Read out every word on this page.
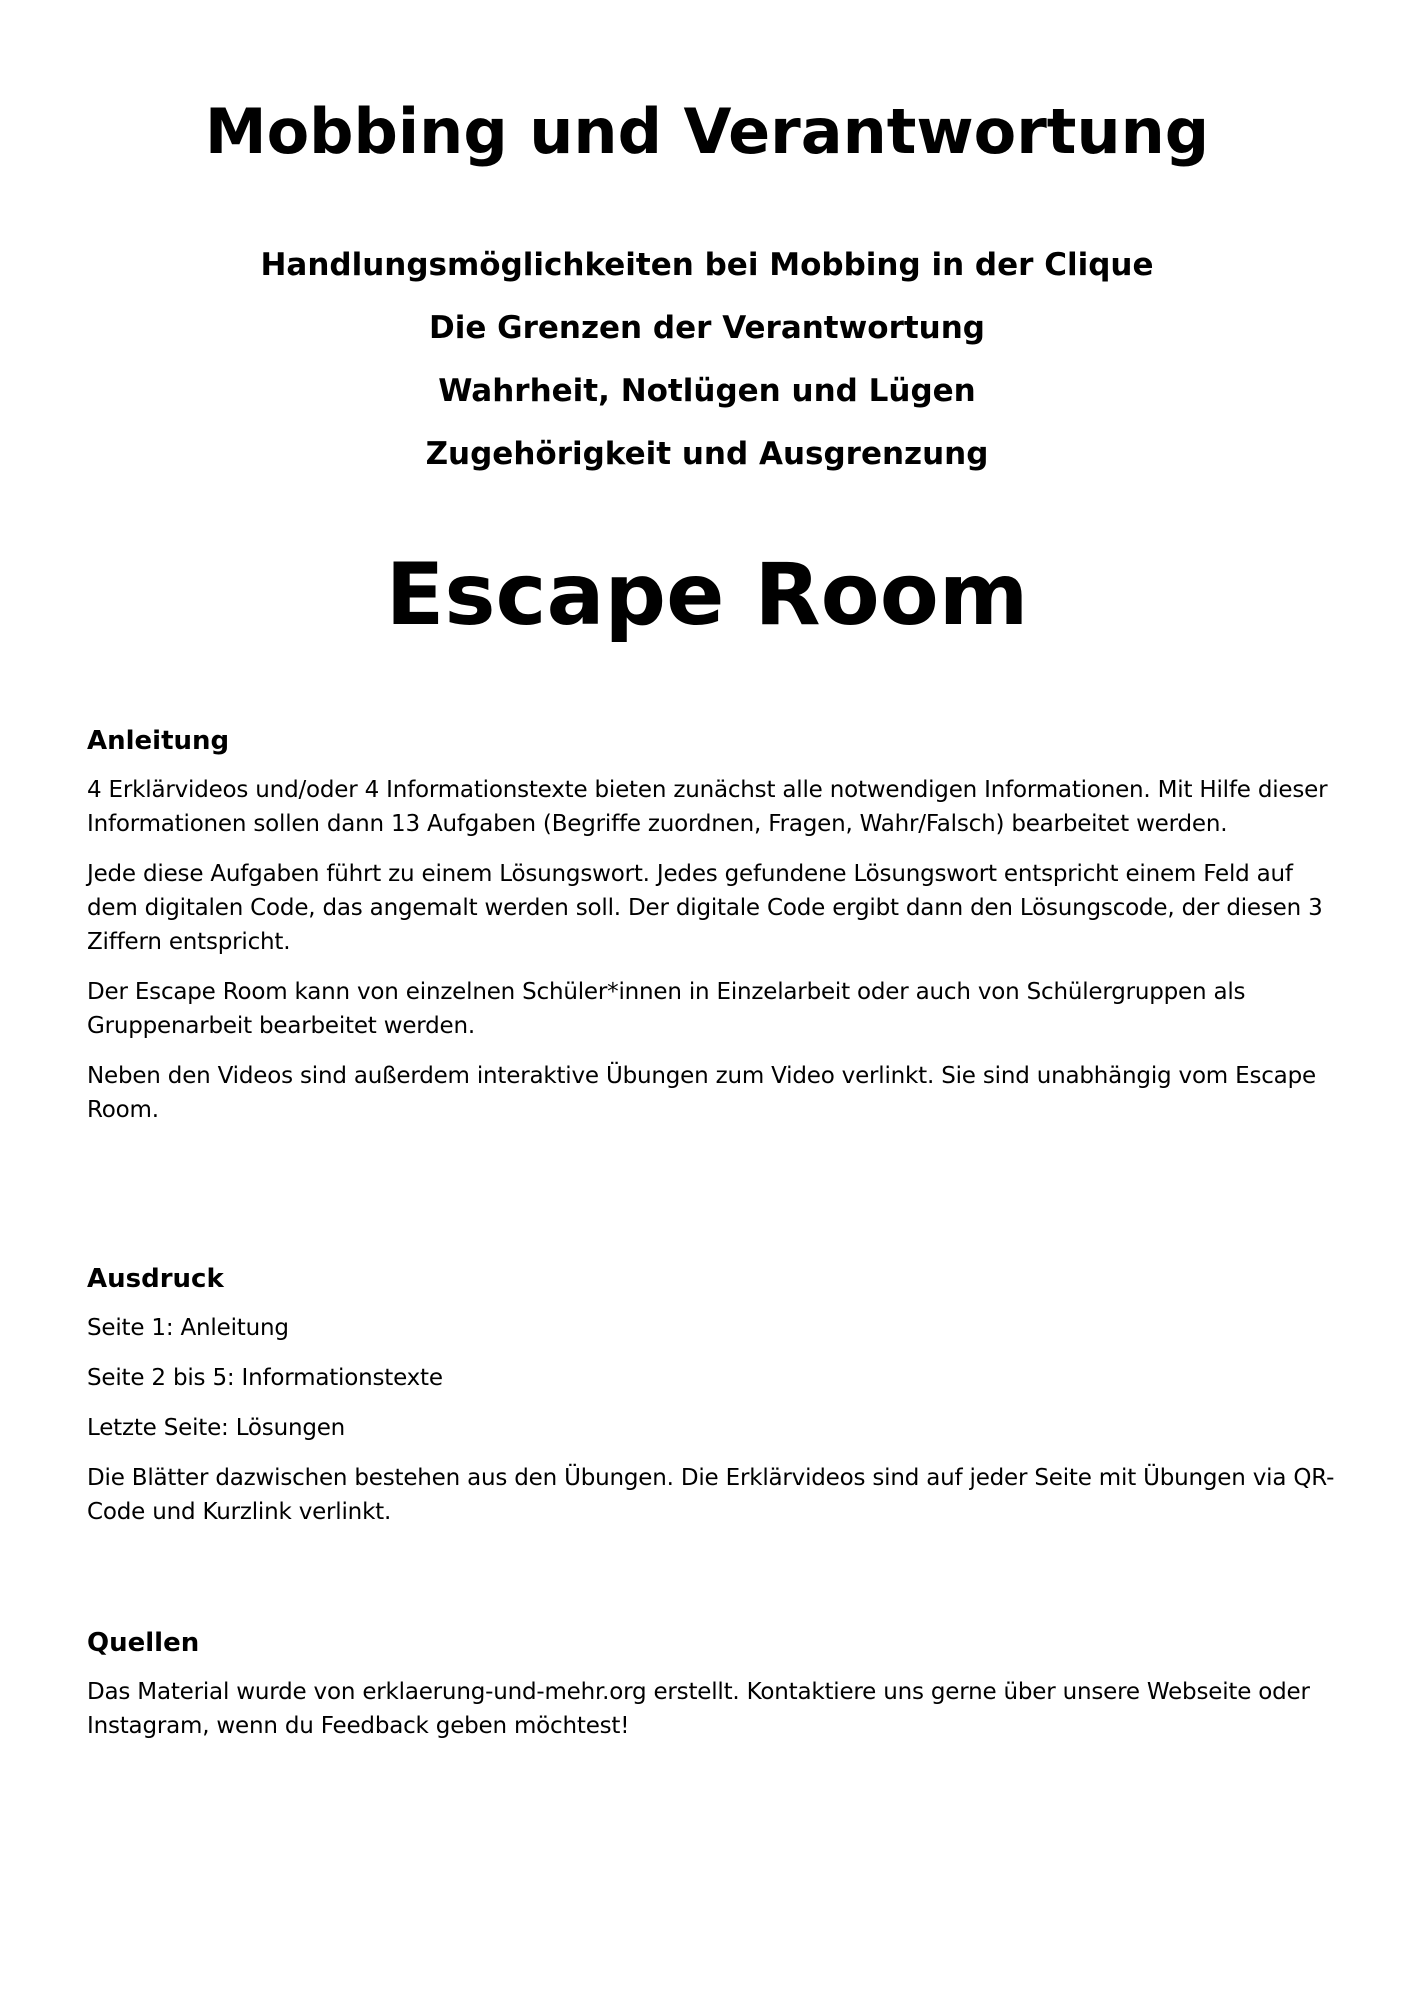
Mobbing und Verantwortung
Handlungsmöglichkeiten bei Mobbing in der Clique
Die Grenzen der Verantwortung
Wahrheit, Notlügen und Lügen
Zugehörigkeit und Ausgrenzung
Escape Room
Anleitung

4 Erklärvideos und/oder 4 Informationstexte bieten zunächst alle notwendigen Informationen. Mit Hilfe dieser Informationen sollen dann 13 Aufgaben (Begriffe zuordnen, Fragen, Wahr/Falsch) bearbeitet werden.

Jede diese Aufgaben führt zu einem Lösungswort. Jedes gefundene Lösungswort entspricht einem Feld auf dem digitalen Code, das angemalt werden soll. Der digitale Code ergibt dann den Lösungscode, der diesen 3 Ziffern entspricht.

Der Escape Room kann von einzelnen Schüler*innen in Einzelarbeit oder auch von Schülergruppen als Gruppenarbeit bearbeitet werden.

Neben den Videos sind außerdem interaktive Übungen zum Video verlinkt. Sie sind unabhängig vom Escape Room.

Ausdruck

Seite 1: Anleitung

Seite 2 bis 5: Informationstexte

Letzte Seite: Lösungen

Die Blätter dazwischen bestehen aus den Übungen. Die Erklärvideos sind auf jeder Seite mit Übungen via QR-Code und Kurzlink verlinkt.

Quellen

Das Material wurde von erklaerung-und-mehr.org erstellt. Kontaktiere uns gerne über unsere Webseite oder Instagram, wenn du Feedback geben möchtest!
